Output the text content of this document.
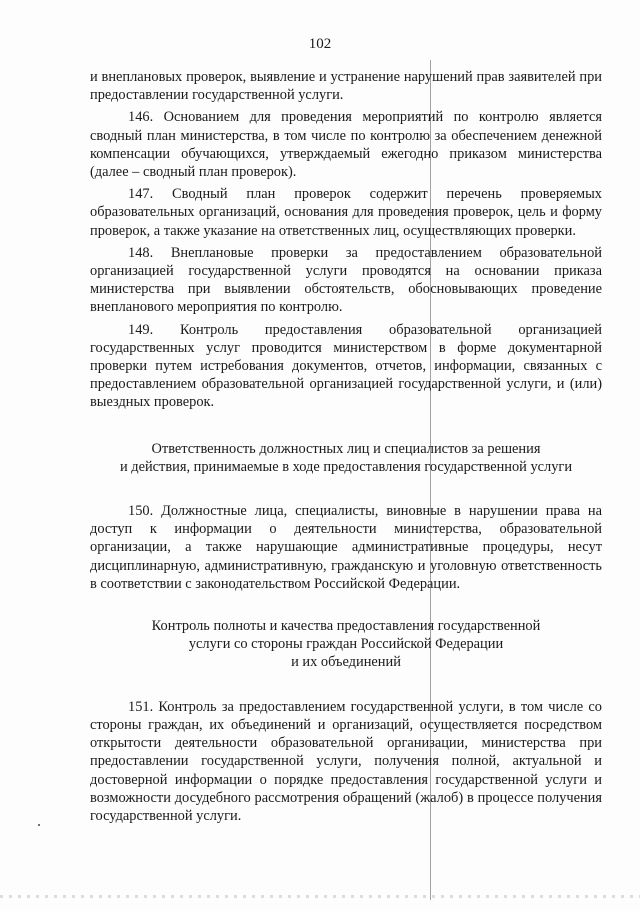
102

и внеплановых проверок, выявление и устранение нарушений прав заявителей при предоставлении государственной услуги.

146. Основанием для проведения мероприятий по контролю является сводный план министерства, в том числе по контролю за обеспечением денежной компенсации обучающихся, утверждаемый ежегодно приказом министерства (далее – сводный план проверок).

147. Сводный план проверок содержит перечень проверяемых образовательных организаций, основания для проведения проверок, цель и форму проверок, а также указание на ответственных лиц, осуществляющих проверки.

148. Внеплановые проверки за предоставлением образовательной организацией государственной услуги проводятся на основании приказа министерства при выявлении обстоятельств, обосновывающих проведение внепланового мероприятия по контролю.

149. Контроль предоставления образовательной организацией государственных услуг проводится министерством в форме документарной проверки путем истребования документов, отчетов, информации, связанных с предоставлением образовательной организацией государственной услуги, и (или) выездных проверок.

Ответственность должностных лиц и специалистов за решения

и действия, принимаемые в ходе предоставления государственной услуги

150. Должностные лица, специалисты, виновные в нарушении права на доступ к информации о деятельности министерства, образовательной организации, а также нарушающие административные процедуры, несут дисциплинарную, административную, гражданскую и уголовную ответственность в соответствии с законодательством Российской Федерации.

Контроль полноты и качества предоставления государственной

услуги со стороны граждан Российской Федерации

и их объединений

151. Контроль за предоставлением государственной услуги, в том числе со стороны граждан, их объединений и организаций, осуществляется посредством открытости деятельности образовательной организации, министерства при предоставлении государственной услуги, получения полной, актуальной и достоверной информации о порядке предоставления государственной услуги и возможности досудебного рассмотрения обращений (жалоб) в процессе получения государственной услуги.
